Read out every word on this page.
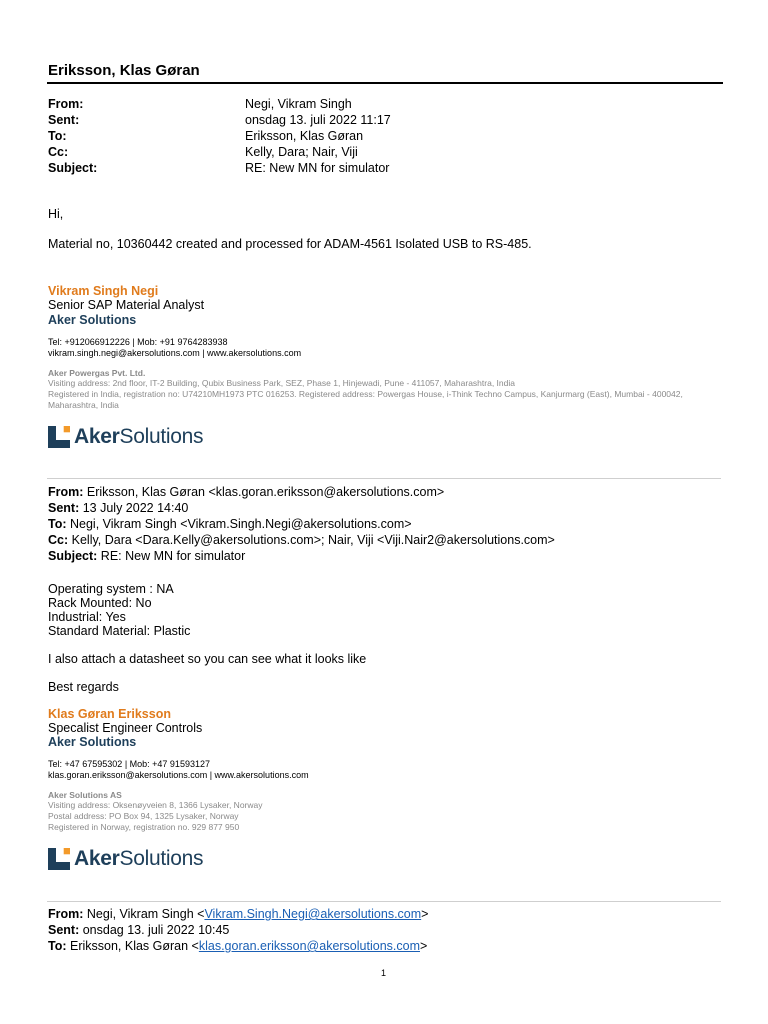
Eriksson, Klas Gøran
From:	Negi, Vikram Singh
Sent:	onsdag 13. juli 2022 11:17
To:	Eriksson, Klas Gøran
Cc:	Kelly, Dara; Nair, Viji
Subject:	RE: New MN for simulator
Hi,
Material no, 10360442 created and processed for ADAM-4561 Isolated USB to RS-485.
Vikram Singh Negi
Senior SAP Material Analyst
Aker Solutions
Tel: +912066912226 | Mob: +91 9764283938
vikram.singh.negi@akersolutions.com | www.akersolutions.com
Aker Powergas Pvt. Ltd.
Visiting address: 2nd floor, IT-2 Building, Qubix Business Park, SEZ, Phase 1, Hinjewadi, Pune - 411057, Maharashtra, India
Registered in India, registration no: U74210MH1973 PTC 016253. Registered address: Powergas House, i-Think Techno Campus, Kanjurmarg (East), Mumbai - 400042, Maharashtra, India
AkerSolutions
From: Eriksson, Klas Gøran <klas.goran.eriksson@akersolutions.com>
Sent: 13 July 2022 14:40
To: Negi, Vikram Singh <Vikram.Singh.Negi@akersolutions.com>
Cc: Kelly, Dara <Dara.Kelly@akersolutions.com>; Nair, Viji <Viji.Nair2@akersolutions.com>
Subject: RE: New MN for simulator
Operating system : NA
Rack Mounted: No
Industrial: Yes
Standard Material: Plastic
I also attach a datasheet so you can see what it looks like
Best regards
Klas Gøran Eriksson
Specalist Engineer Controls
Aker Solutions
Tel: +47 67595302 | Mob: +47 91593127
klas.goran.eriksson@akersolutions.com | www.akersolutions.com
Aker Solutions AS
Visiting address: Oksenøyveien 8, 1366 Lysaker, Norway
Postal address: PO Box 94, 1325 Lysaker, Norway
Registered in Norway, registration no. 929 877 950
AkerSolutions
From: Negi, Vikram Singh <Vikram.Singh.Negi@akersolutions.com>
Sent: onsdag 13. juli 2022 10:45
To: Eriksson, Klas Gøran <klas.goran.eriksson@akersolutions.com>
1
